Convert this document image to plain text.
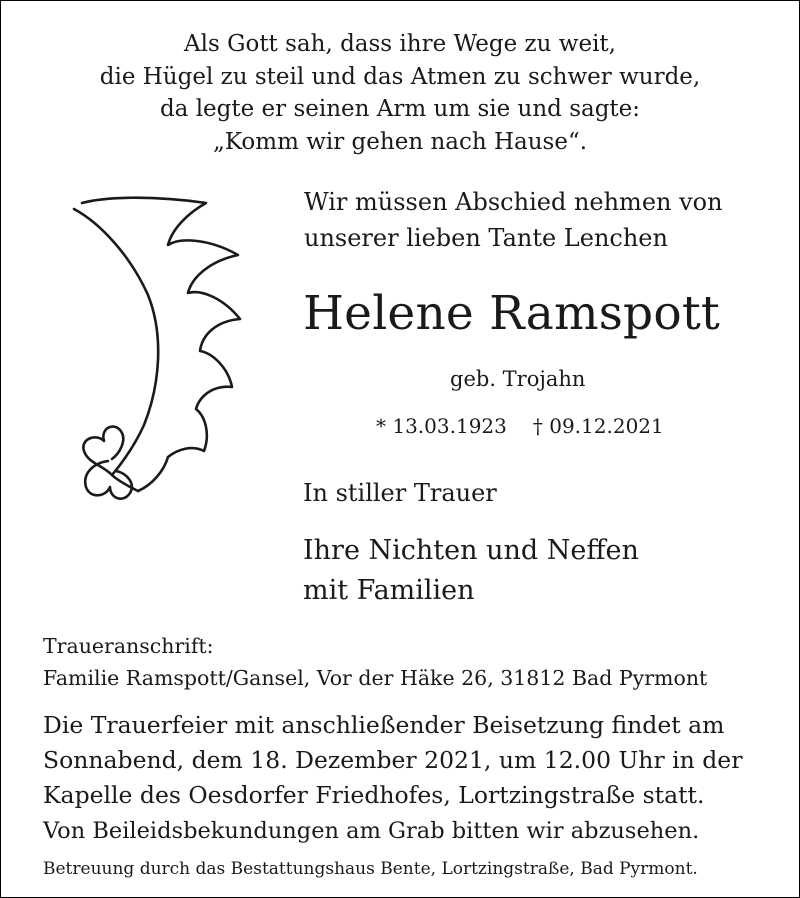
Als Gott sah, dass ihre Wege zu weit,
die Hügel zu steil und das Atmen zu schwer wurde,
da legte er seinen Arm um sie und sagte:
„Komm wir gehen nach Hause“.
Wir müssen Abschied nehmen von
unserer lieben Tante Lenchen
Helene Ramspott
geb. Trojahn
* 13.03.1923 † 09.12.2021
In stiller Trauer
Ihre Nichten und Neffen
mit Familien
Traueranschrift:
Familie Ramspott/Gansel, Vor der Häke 26, 31812 Bad Pyrmont
Die Trauerfeier mit anschließender Beisetzung findet am
Sonnabend, dem 18. Dezember 2021, um 12.00 Uhr in der
Kapelle des Oesdorfer Friedhofes, Lortzingstraße statt.
Von Beileidsbekundungen am Grab bitten wir abzusehen.
Betreuung durch das Bestattungshaus Bente, Lortzingstraße, Bad Pyrmont.
